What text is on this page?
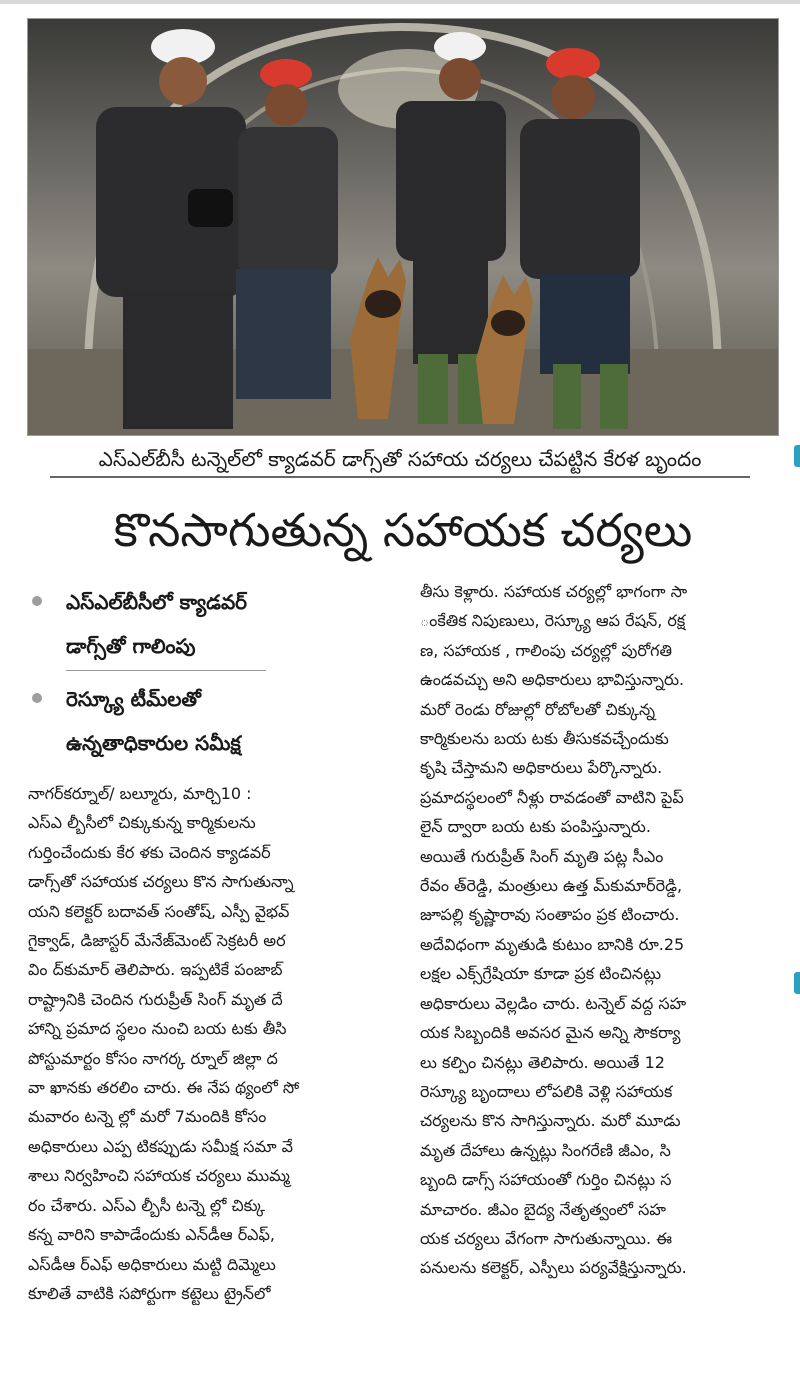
ఎస్ఎల్‌బీసీ టన్నెల్‌లో క్యాడవర్ డాగ్స్‌తో సహాయ చర్యలు చేపట్టిన కేరళ బృందం
కొనసాగుతున్న సహాయక చర్యలు
ఎస్ఎల్‌బీసీలో క్యాడవర్
డాగ్స్‌తో గాలింపు
రెస్క్యూ టీమ్‌లతో
ఉన్నతాధికారుల సమీక్ష
నాగర్‌కర్నూల్/ బల్మూరు, మార్చి10 :
ఎస్ఎ ల్బీసీలో చిక్కుకున్న కార్మికులను
గుర్తించేందుకు కేర ళకు చెందిన క్యాడవర్
డాగ్స్‌తో సహాయక చర్యలు కొన సాగుతున్నా
యని కలెక్టర్ బదావత్ సంతోష్, ఎస్పీ వైభవ్
గైక్వాడ్, డిజాస్టర్ మేనేజ్‌మెంట్ సెక్రటరీ అర
విం ద్‌కుమార్ తెలిపారు. ఇప్పటికే పంజాబ్
రాష్ట్రానికి చెందిన గురుప్రీత్ సింగ్ మృత దే
హాన్ని ప్రమాద స్థలం నుంచి బయ టకు తీసి
పోస్టుమార్టం కోసం నాగర్క ర్నూల్ జిల్లా ద
వా ఖానకు తరలిం చారు. ఈ నేప థ్యంలో సో
మవారం టన్నె ల్లో మరో 7మందికి కోసం
అధికారులు ఎప్ప టికప్పుడు సమీక్ష సమా వే
శాలు నిర్వహించి సహాయక చర్యలు ముమ్మ
రం చేశారు. ఎస్ఎ ల్బీసీ టన్నె ల్లో చిక్కు
కన్న వారిని కాపాడేందుకు ఎన్‌డీఆ ర్ఎఫ్,
ఎస్‌డీఆ ర్ఎఫ్ అధికారులు మట్టి దిమ్మెలు
కూలితే వాటికి సపోర్టుగా కట్టెలు ట్రైన్‌లో
తీసు కెళ్లారు. సహాయక చర్యల్లో భాగంగా సా
ంకేతిక నిపుణులు, రెస్క్యూ ఆప రేషన్, రక్ష
ణ, సహాయక , గాలింపు చర్యల్లో పురోగతి
ఉండవచ్చు అని అధికారులు భావిస్తున్నారు.
మరో రెండు రోజుల్లో రోబోలతో చిక్కున్న
కార్మికులను బయ టకు తీసుకవచ్చేందుకు
కృషి చేస్తామని అధికారులు పేర్కొన్నారు.
ప్రమాదస్థలంలో నీళ్లు రావడంతో వాటిని పైప్
లైన్ ద్వారా బయ టకు పంపిస్తున్నారు.
అయితే గురుప్రీత్ సింగ్ మృతి పట్ల సీఎం
రేవం త్‌రెడ్డి, మంత్రులు ఉత్త మ్‌కుమార్‌రెడ్డి,
జూపల్లి కృష్ణారావు సంతాపం ప్రక టించారు.
అదేవిధంగా మృతుడి కుటుం బానికి రూ.25
లక్షల ఎక్స్‌గ్రేషియా కూడా ప్రక టించినట్లు
అధికారులు వెల్లడిం చారు. టన్నెల్ వద్ద సహ
యక సిబ్బందికి అవసర మైన అన్ని సౌకర్యా
లు కల్పిం చినట్లు తెలిపారు. అయితే 12
రెస్క్యూ బృందాలు లోపలికి వెళ్లి సహాయక
చర్యలను కొన సాగిస్తున్నారు. మరో మూడు
మృత దేహాలు ఉన్నట్లు సింగరేణి జీఎం, సి
బ్బంది డాగ్స్ సహాయంతో గుర్తిం చినట్లు స
మాచారం. జీఎం బైద్య నేతృత్వంలో సహ
యక చర్యలు వేగంగా సాగుతున్నాయి. ఈ
పనులను కలెక్టర్, ఎస్పీలు పర్యవేక్షిస్తున్నారు.
